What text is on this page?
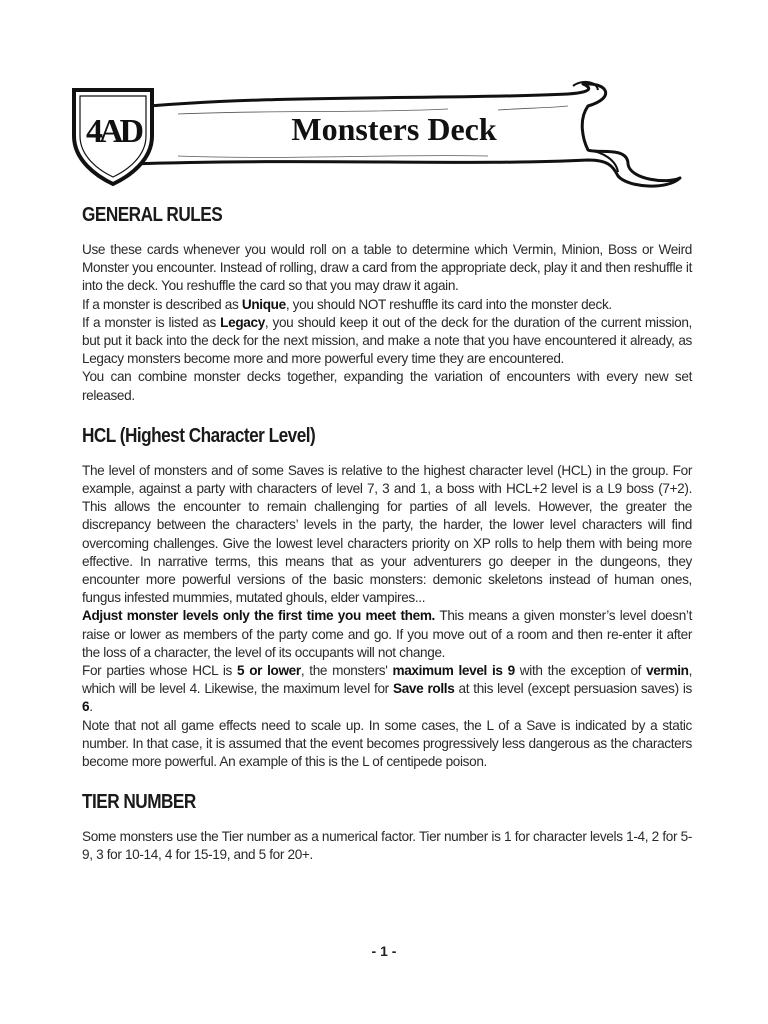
4AD	Monsters Deck
GENERAL RULES

Use these cards whenever you would roll on a table to determine which Vermin, Minion, Boss or Weird Monster you encounter. Instead of rolling, draw a card from the appropriate deck, play it and then reshuffle it into the deck. You reshuffle the card so that you may draw it again.

If a monster is described as Unique, you should NOT reshuffle its card into the monster deck.

If a monster is listed as Legacy, you should keep it out of the deck for the duration of the current mission, but put it back into the deck for the next mission, and make a note that you have encountered it already, as Legacy monsters become more and more powerful every time they are encountered.

You can combine monster decks together, expanding the variation of encounters with every new set released.

HCL (Highest Character Level)

The level of monsters and of some Saves is relative to the highest character level (HCL) in the group. For example, against a party with characters of level 7, 3 and 1, a boss with HCL+2 level is a L9 boss (7+2). This allows the encounter to remain challenging for parties of all levels. However, the greater the discrepancy between the characters’ levels in the party, the harder, the lower level characters will find overcoming challenges. Give the lowest level characters priority on XP rolls to help them with being more effective. In narrative terms, this means that as your adventurers go deeper in the dungeons, they encounter more powerful versions of the basic monsters: demonic skeletons instead of human ones, fungus infested mummies, mutated ghouls, elder vampires...

Adjust monster levels only the first time you meet them. This means a given monster’s level doesn’t raise or lower as members of the party come and go. If you move out of a room and then re-enter it after the loss of a character, the level of its occupants will not change.

For parties whose HCL is 5 or lower, the monsters' maximum level is 9 with the exception of vermin, which will be level 4. Likewise, the maximum level for Save rolls at this level (except persuasion saves) is 6.

Note that not all game effects need to scale up. In some cases, the L of a Save is indicated by a static number. In that case, it is assumed that the event becomes progressively less dangerous as the characters become more powerful. An example of this is the L of centipede poison.

TIER NUMBER

Some monsters use the Tier number as a numerical factor. Tier number is 1 for character levels 1-4, 2 for 5-9, 3 for 10-14, 4 for 15-19, and 5 for 20+.

- 1 -
